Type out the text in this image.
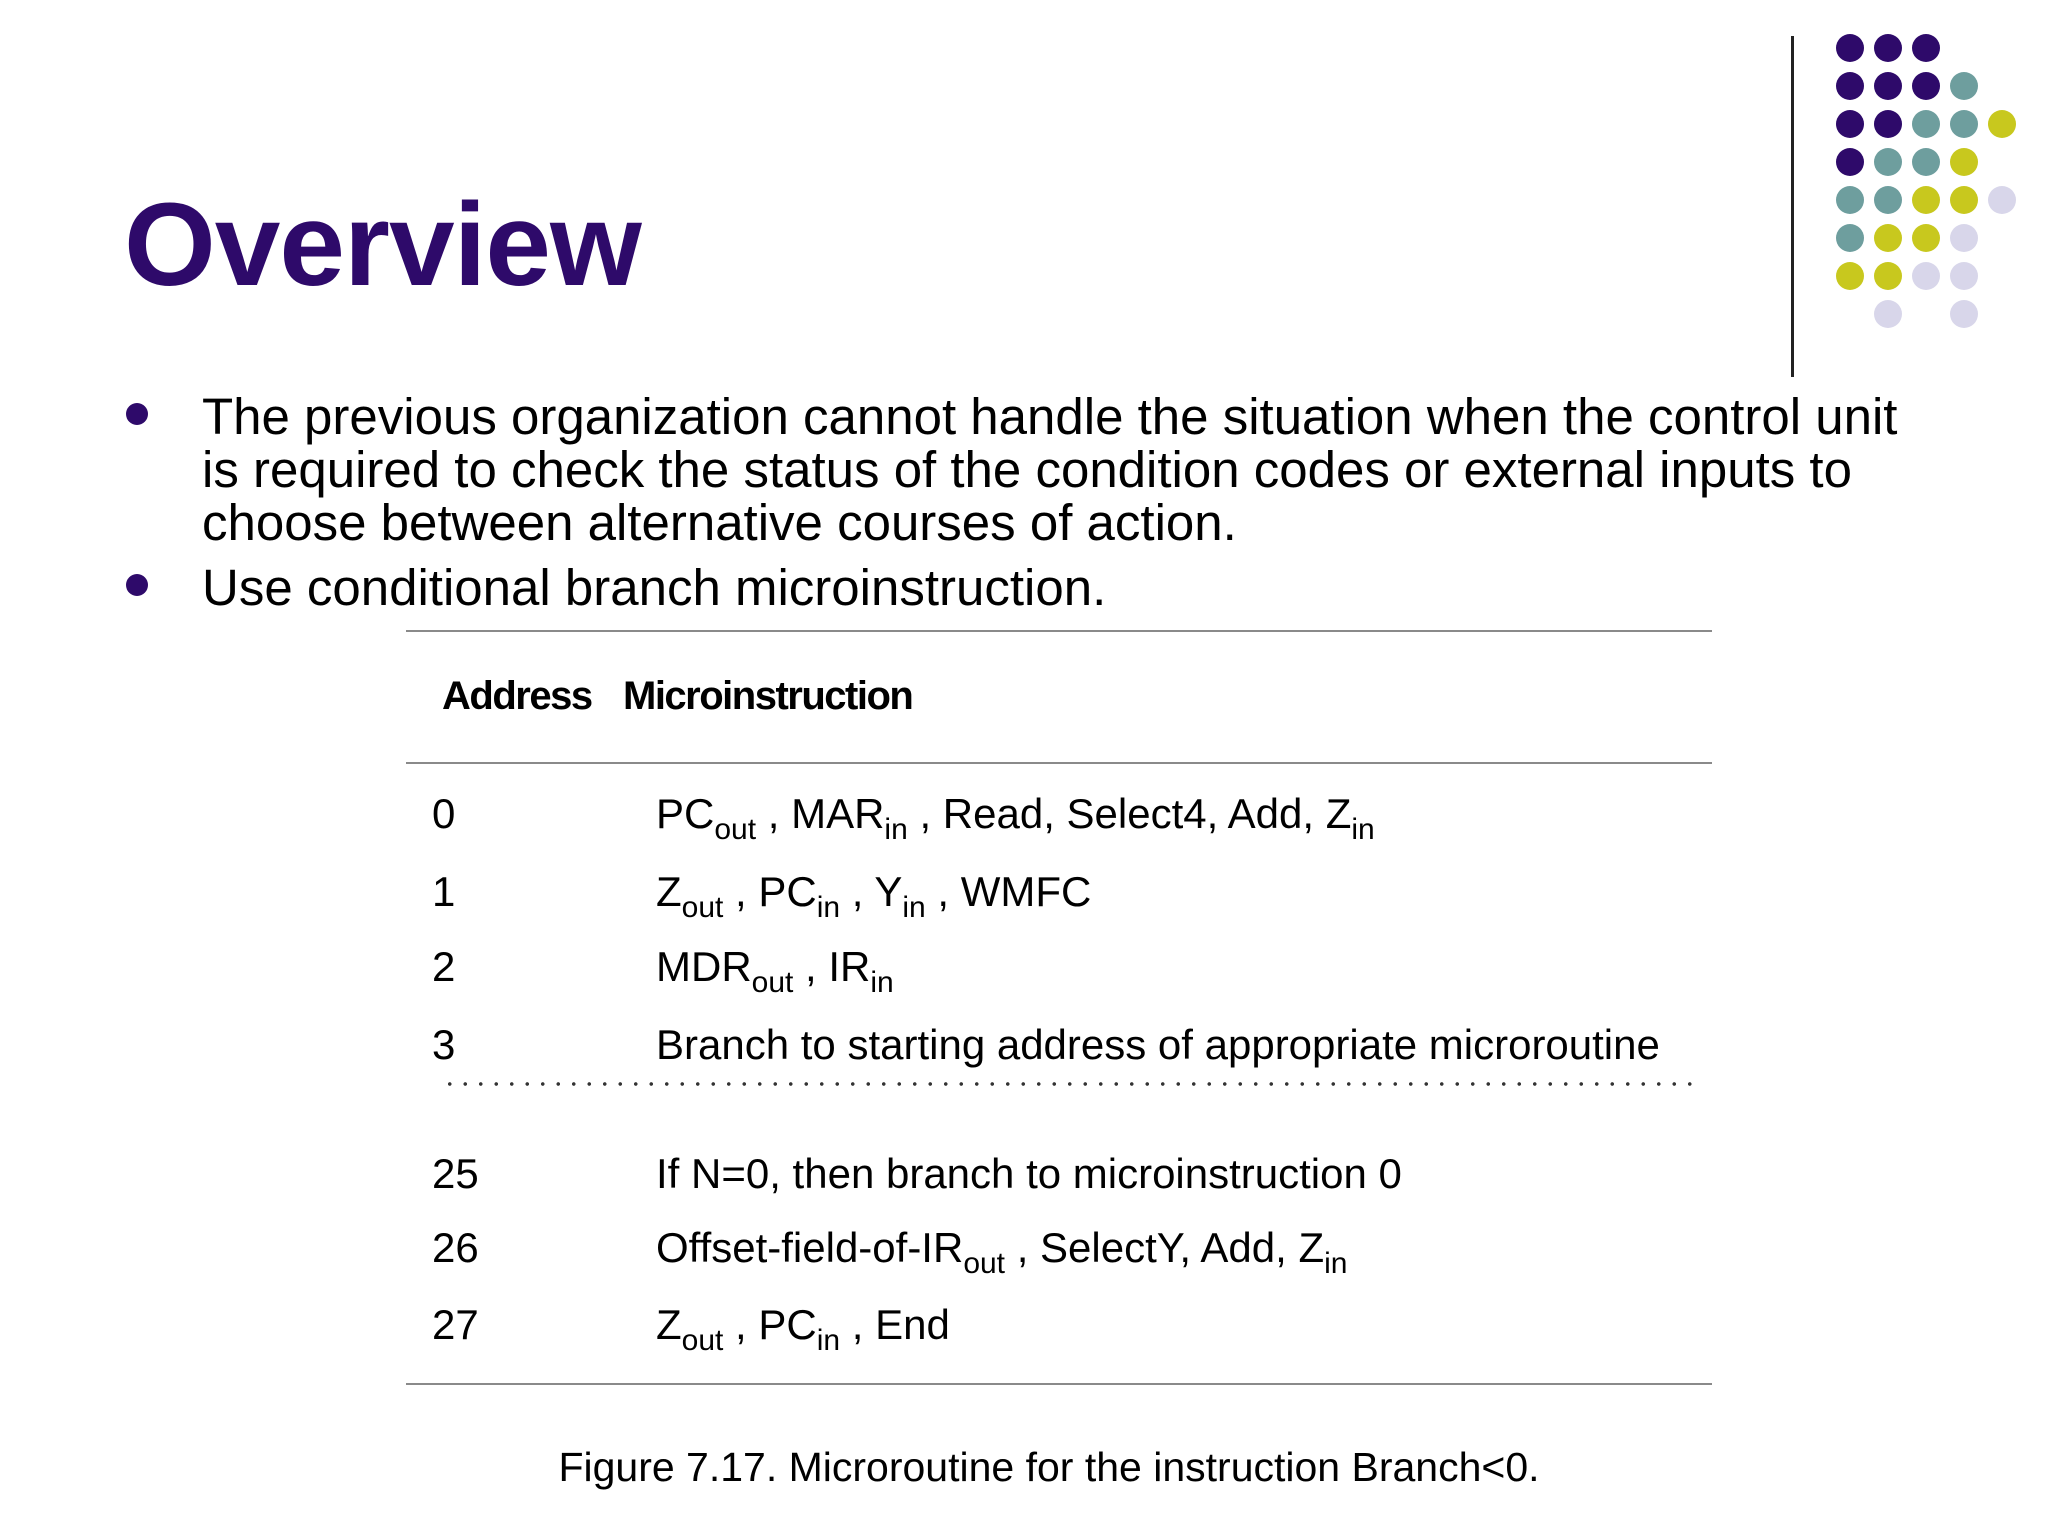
Overview
The previous organization cannot handle the situation when the control unit is required to check the status of the condition codes or external inputs to choose between alternative courses of action.
Use conditional branch microinstruction.
Address Microinstruction
0	$PC_{out}$ , $MAR_{in}$ , Read, Select4, Add, $Z_{in}$
1	$Z_{out}$ , $PC_{in}$ , $Y_{in}$ , WMFC
2	$MDR_{out}$ , $IR_{in}$
3	Branch to starting address of appropriate microroutine
25	If N=0, then branch to microinstruction 0
26	Offset-$field-of-IR_{out}$ , SelectY, Add, $Z_{in}$
27	$Z_{out}$ , $PC_{in}$ , End
Figure 7.17. Microroutine for the instruction Branch<0.
